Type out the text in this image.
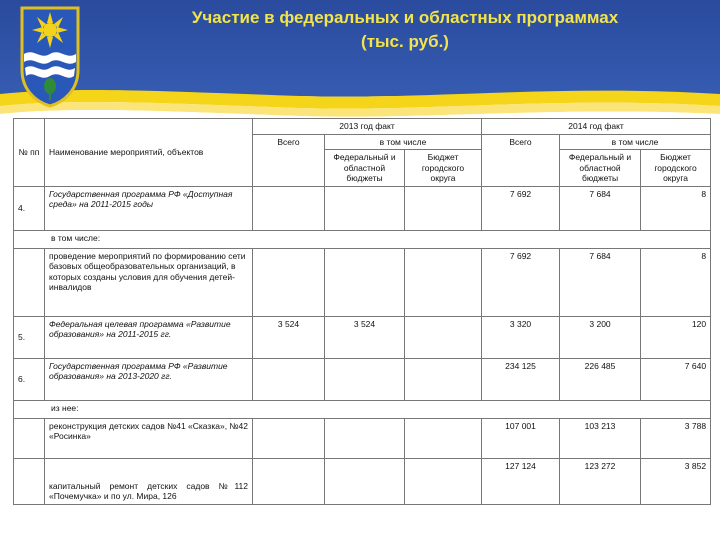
Участие в федеральных и областных программах
(тыс. руб.)
№ пп	Наименование мероприятий, объектов	2013 год факт			2014 год факт		
		Всего	в том числе		Всего	в том числе	
			Федеральный и областной бюджеты	Бюджет городского округа		Федеральный и областной бюджеты	Бюджет городского округа
4.	Государственная программа РФ «Доступная среда» на 2011-2015 годы				7 692	7 684	8
в том числе:							
	проведение мероприятий по формированию сети базовых общеобразовательных организаций, в которых созданы условия для обучения детей-инвалидов				7 692	7 684	8
5.	Федеральная целевая программа «Развитие образования» на 2011-2015 гг.	3 524	3 524		3 320	3 200	120
6.	Государственная программа РФ «Развитие образования» на 2013-2020 гг.				234 125	226 485	7 640
из нее:							
	реконструкция детских садов №41 «Сказка», №42 «Росинка»				107 001	103 213	3 788
	капитальный ремонт детских садов №112 «Почемучка» и по ул. Мира, 126				127 124	123 272	3 852
